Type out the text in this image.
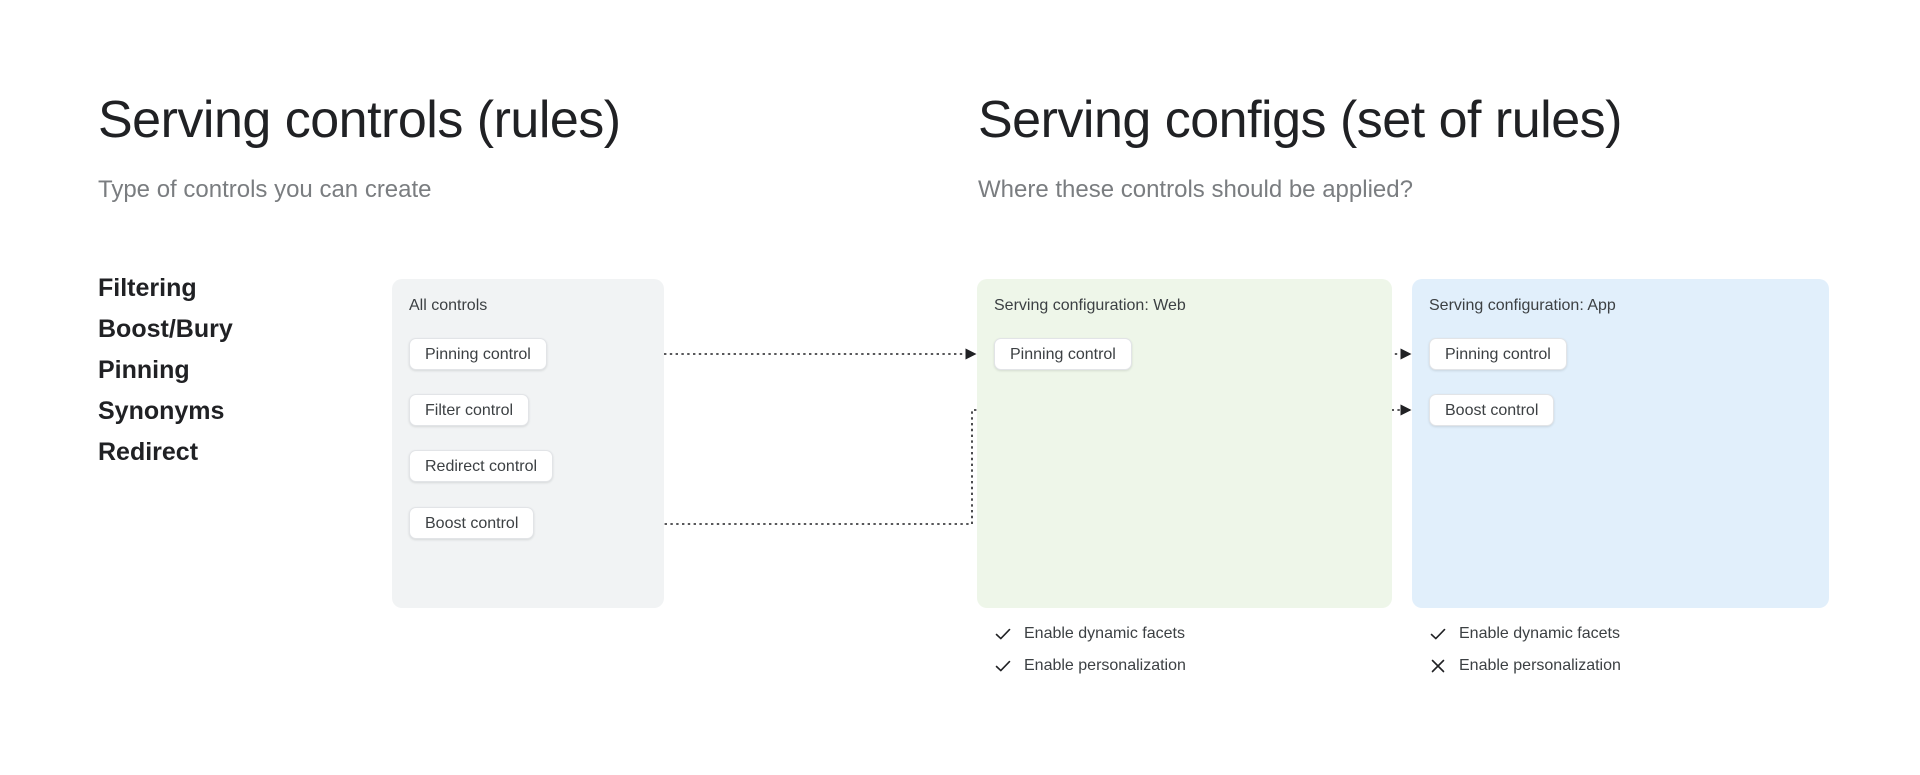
Serving controls (rules)
Type of controls you can create
Serving configs (set of rules)
Where these controls should be applied?
Filtering
Boost/Bury
Pinning
Synonyms
Redirect
All controls
Pinning control
Filter control
Redirect control
Boost control
Serving configuration: Web
Pinning control
Enable dynamic facets
Enable personalization
Serving configuration: App
Pinning control
Boost control
Enable dynamic facets
Enable personalization
